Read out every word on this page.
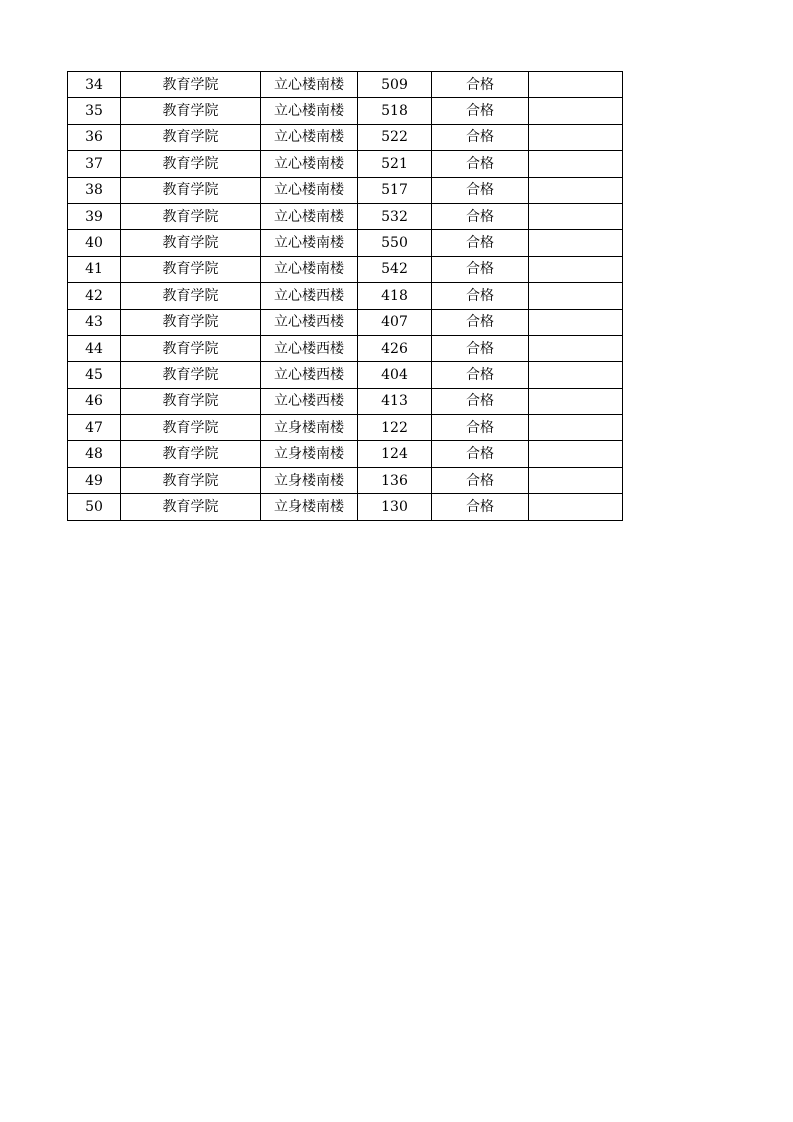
34	教育学院	立心楼南楼	509	合格	
35	教育学院	立心楼南楼	518	合格	
36	教育学院	立心楼南楼	522	合格	
37	教育学院	立心楼南楼	521	合格	
38	教育学院	立心楼南楼	517	合格	
39	教育学院	立心楼南楼	532	合格	
40	教育学院	立心楼南楼	550	合格	
41	教育学院	立心楼南楼	542	合格	
42	教育学院	立心楼西楼	418	合格	
43	教育学院	立心楼西楼	407	合格	
44	教育学院	立心楼西楼	426	合格	
45	教育学院	立心楼西楼	404	合格	
46	教育学院	立心楼西楼	413	合格	
47	教育学院	立身楼南楼	122	合格	
48	教育学院	立身楼南楼	124	合格	
49	教育学院	立身楼南楼	136	合格	
50	教育学院	立身楼南楼	130	合格	
